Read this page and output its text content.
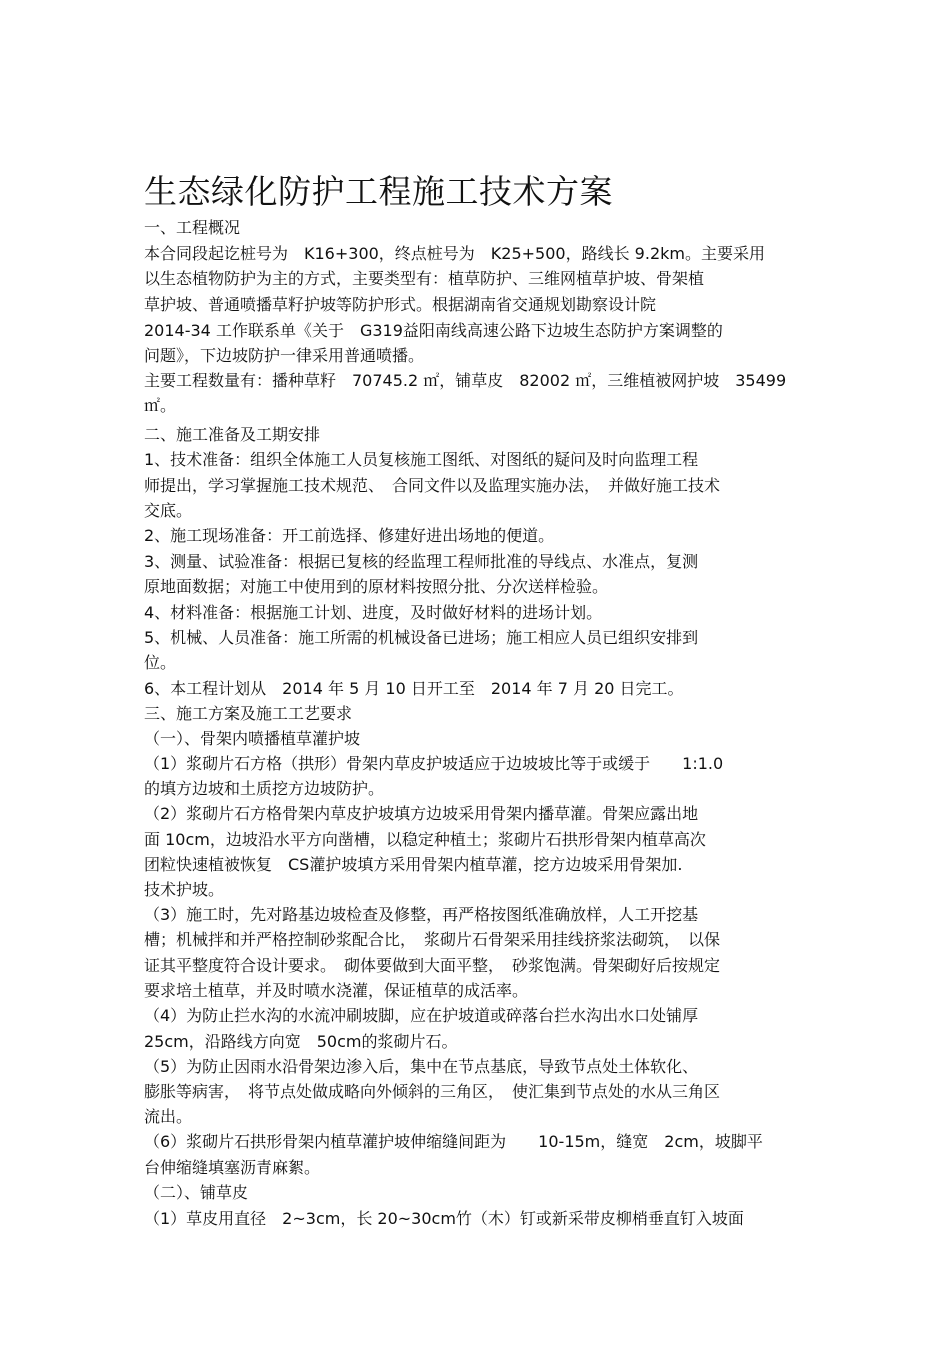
生态绿化防护工程施工技术方案
一、工程概况
本合同段起讫桩号为　K16+300，终点桩号为　K25+500，路线长 9.2km。主要采用
以生态植物防护为主的方式，主要类型有：植草防护、三维网植草护坡、骨架植
草护坡、普通喷播草籽护坡等防护形式。根据湖南省交通规划勘察设计院
2014-34 工作联系单《关于　G319益阳南线高速公路下边坡生态防护方案调整的
问题》，下边坡防护一律采用普通喷播。
主要工程数量有：播种草籽　70745.2 ㎡，铺草皮　82002 ㎡，三维植被网护坡　35499
㎡。
二、施工准备及工期安排
1、技术准备：组织全体施工人员复核施工图纸、对图纸的疑问及时向监理工程
师提出，学习掌握施工技术规范、　合同文件以及监理实施办法，　并做好施工技术
交底。
2、施工现场准备：开工前选择、修建好进出场地的便道。
3、测量、试验准备：根据已复核的经监理工程师批准的导线点、水准点，复测
原地面数据；对施工中使用到的原材料按照分批、分次送样检验。
4、材料准备：根据施工计划、进度，及时做好材料的进场计划。
5、机械、人员准备：施工所需的机械设备已进场；施工相应人员已组织安排到
位。
6、本工程计划从　2014 年 5 月 10 日开工至　2014 年 7 月 20 日完工。
三、施工方案及施工工艺要求
（一）、骨架内喷播植草灌护坡
（1）浆砌片石方格（拱形）骨架内草皮护坡适应于边坡坡比等于或缓于　　1:1.0
的填方边坡和土质挖方边坡防护。
（2）浆砌片石方格骨架内草皮护坡填方边坡采用骨架内播草灌。骨架应露出地
面 10cm，边坡沿水平方向凿槽，以稳定种植土；浆砌片石拱形骨架内植草高次
团粒快速植被恢复　CS灌护坡填方采用骨架内植草灌，挖方边坡采用骨架加.
技术护坡。
（3）施工时，先对路基边坡检查及修整，再严格按图纸准确放样，人工开挖基
槽；机械拌和并严格控制砂浆配合比，　浆砌片石骨架采用挂线挤浆法砌筑，　以保
证其平整度符合设计要求。　砌体要做到大面平整，　砂浆饱满。骨架砌好后按规定
要求培土植草，并及时喷水浇灌，保证植草的成活率。
（4）为防止拦水沟的水流冲刷坡脚，应在护坡道或碎落台拦水沟出水口处铺厚
25cm，沿路线方向宽　50cm的浆砌片石。
（5）为防止因雨水沿骨架边渗入后，集中在节点基底，导致节点处土体软化、
膨胀等病害，　将节点处做成略向外倾斜的三角区，　使汇集到节点处的水从三角区
流出。
（6）浆砌片石拱形骨架内植草灌护坡伸缩缝间距为　　10-15m，缝宽　2cm，坡脚平
台伸缩缝填塞沥青麻絮。
（二）、铺草皮
（1）草皮用直径　2~3cm，长 20~30cm竹（木）钉或新采带皮柳梢垂直钉入坡面
